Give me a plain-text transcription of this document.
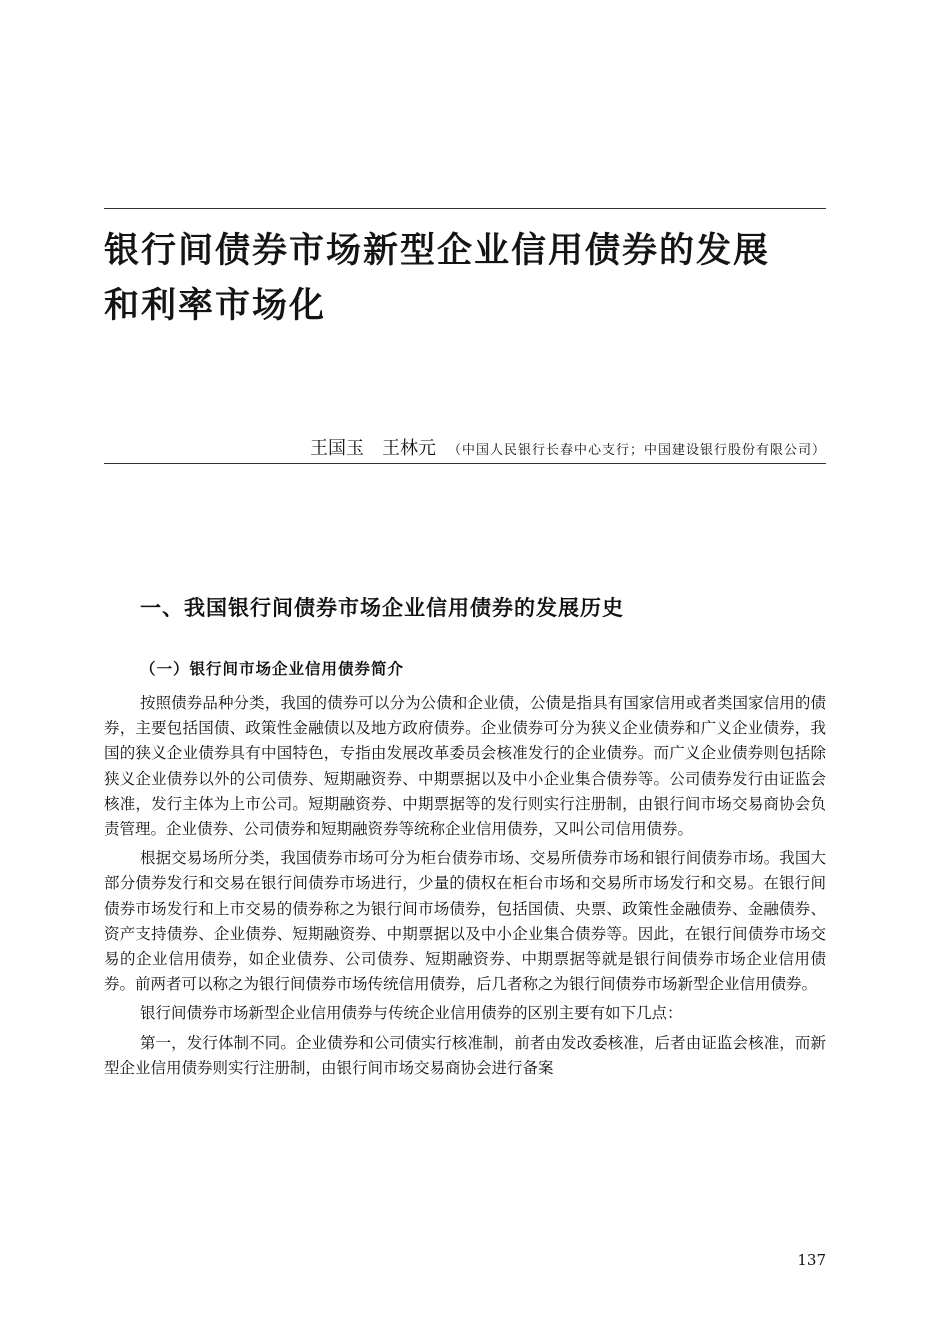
银行间债券市场新型企业信用债券的发展
和利率市场化
王国玉 王林元 （中国人民银行长春中心支行；中国建设银行股份有限公司）
一、我国银行间债券市场企业信用债券的发展历史
（一）银行间市场企业信用债券简介

按照债券品种分类，我国的债券可以分为公债和企业债，公债是指具有国家信用或者类国家信用的债券，主要包括国债、政策性金融债以及地方政府债券。企业债券可分为狭义企业债券和广义企业债券，我国的狭义企业债券具有中国特色，专指由发展改革委员会核准发行的企业债券。而广义企业债券则包括除狭义企业债券以外的公司债券、短期融资券、中期票据以及中小企业集合债券等。公司债券发行由证监会核准，发行主体为上市公司。短期融资券、中期票据等的发行则实行注册制，由银行间市场交易商协会负责管理。企业债券、公司债券和短期融资券等统称企业信用债券，又叫公司信用债券。

根据交易场所分类，我国债券市场可分为柜台债券市场、交易所债券市场和银行间债券市场。我国大部分债券发行和交易在银行间债券市场进行，少量的债权在柜台市场和交易所市场发行和交易。在银行间债券市场发行和上市交易的债券称之为银行间市场债券，包括国债、央票、政策性金融债券、金融债券、资产支持债券、企业债券、短期融资券、中期票据以及中小企业集合债券等。因此，在银行间债券市场交易的企业信用债券，如企业债券、公司债券、短期融资券、中期票据等就是银行间债券市场企业信用债券。前两者可以称之为银行间债券市场传统信用债券，后几者称之为银行间债券市场新型企业信用债券。

银行间债券市场新型企业信用债券与传统企业信用债券的区别主要有如下几点：

第一，发行体制不同。企业债券和公司债实行核准制，前者由发改委核准，后者由证监会核准，而新型企业信用债券则实行注册制，由银行间市场交易商协会进行备案

137
